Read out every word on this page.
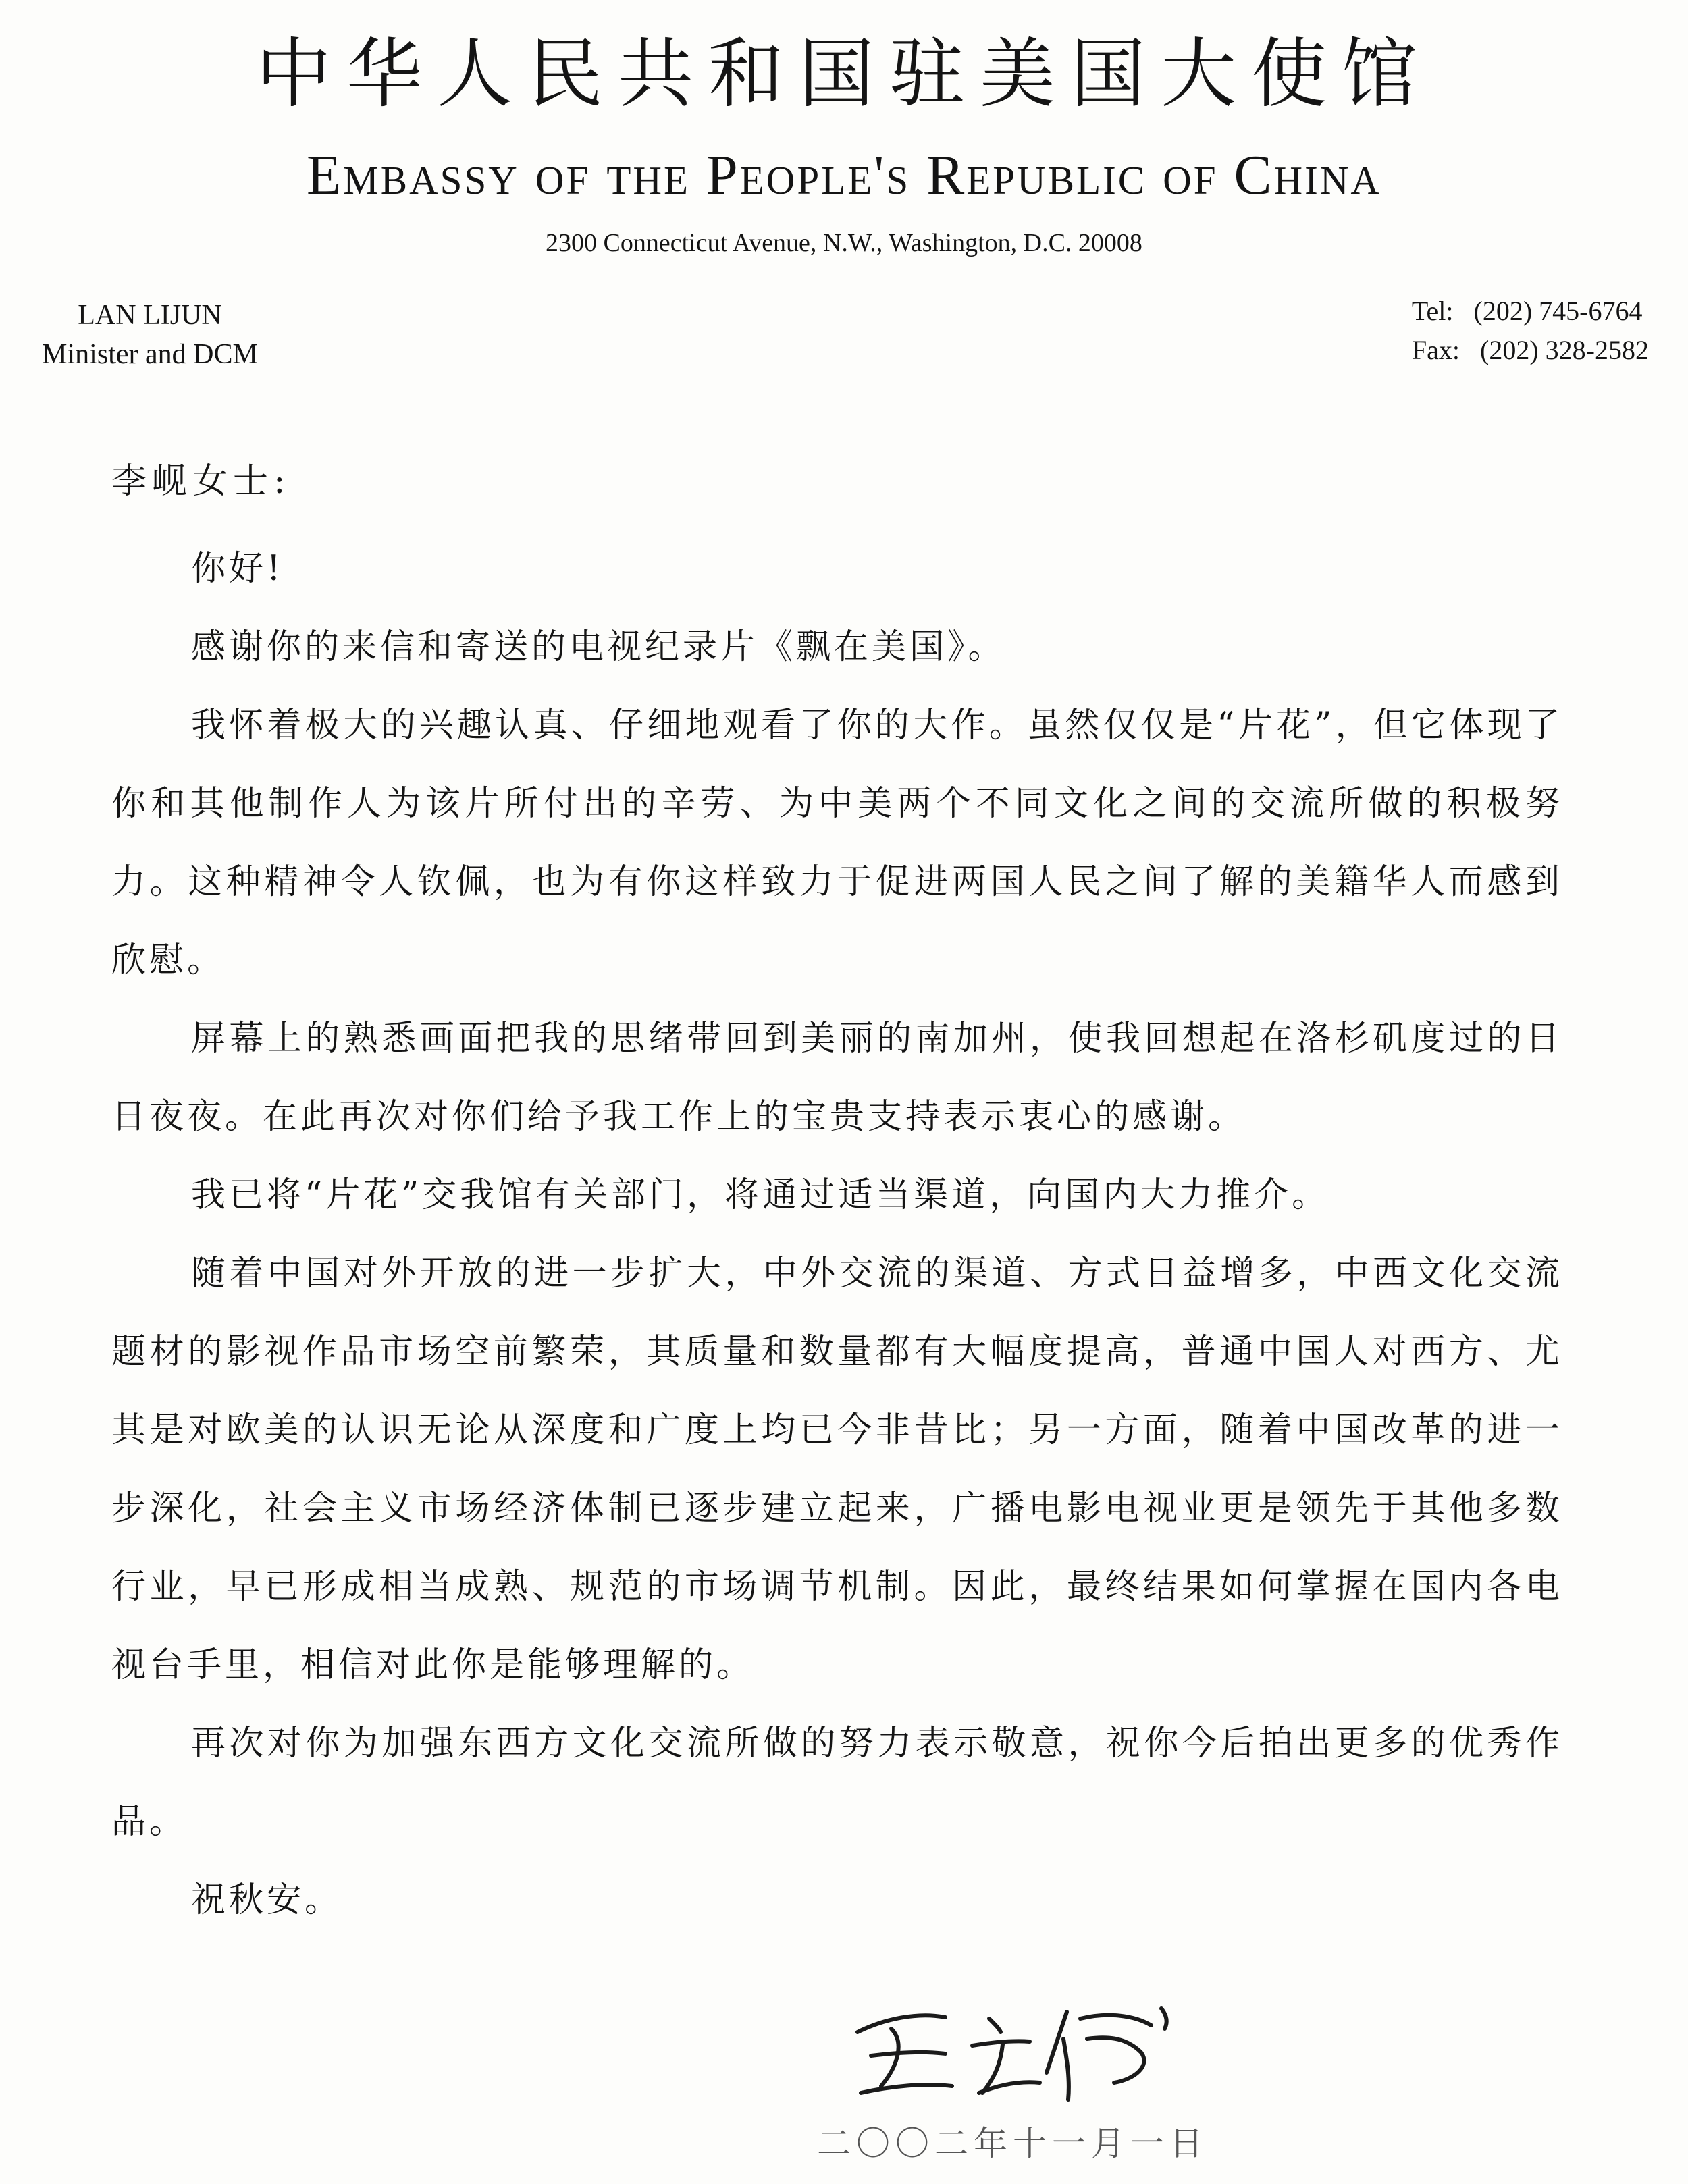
中华人民共和国驻美国大使馆
Embassy of the People's Republic of China
2300 Connecticut Avenue, N.W., Washington, D.C. 20008
LAN LIJUN
Minister and DCM
Tel: (202) 745-6764
Fax: (202) 328-2582
李岘女士:

你好!

感谢你的来信和寄送的电视纪录片《飘在美国》。

我怀着极大的兴趣认真、仔细地观看了你的大作。虽然仅仅是“片花”，但它体现了你和其他制作人为该片所付出的辛劳、为中美两个不同文化之间的交流所做的积极努力。这种精神令人钦佩，也为有你这样致力于促进两国人民之间了解的美籍华人而感到欣慰。

屏幕上的熟悉画面把我的思绪带回到美丽的南加州，使我回想起在洛杉矶度过的日日夜夜。在此再次对你们给予我工作上的宝贵支持表示衷心的感谢。

我已将“片花”交我馆有关部门，将通过适当渠道，向国内大力推介。

随着中国对外开放的进一步扩大，中外交流的渠道、方式日益增多，中西文化交流题材的影视作品市场空前繁荣，其质量和数量都有大幅度提高，普通中国人对西方、尤其是对欧美的认识无论从深度和广度上均已今非昔比；另一方面，随着中国改革的进一步深化，社会主义市场经济体制已逐步建立起来，广播电影电视业更是领先于其他多数行业，早已形成相当成熟、规范的市场调节机制。因此，最终结果如何掌握在国内各电视台手里，相信对此你是能够理解的。

再次对你为加强东西方文化交流所做的努力表示敬意，祝你今后拍出更多的优秀作品。

祝秋安。

二〇〇二年十一月一日
